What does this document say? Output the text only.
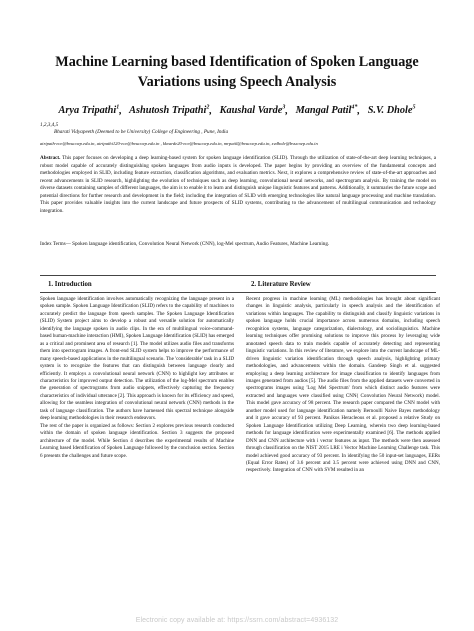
Machine Learning based Identification of Spoken Language Variations using Speech Analysis
Arya Tripathi$^1$,   Ashutosh Tripathi$^2$,   Kaushal Varde$^3$,   Mangal Patil$^{4*}$,   S.V. Dhole$^5$
1,2,3,4,5
Bharati Vidyapeeth (Deemed to be University) College of Engineering , Pune, India
atripath-ece@bvucoep.edu.in, atripathi120-ece@bvucoep.edu.in , kkvarde20-ece@bvucoep.edu.in, mrpatil@bvucoep.edu.in, svdhole@bvucoep.edu.in

Abstract. This paper focuses on developing a deep learning-based system for spoken language identification (SLID). Through the utilization of state-of-the-art deep learning techniques, a robust model capable of accurately distinguishing spoken languages from audio inputs is developed. The paper begins by providing an overview of the fundamental concepts and methodologies employed in SLID, including feature extraction, classification algorithms, and evaluation metrics. Next, it explores a comprehensive review of state-of-the-art approaches and recent advancements in SLID research, highlighting the evolution of techniques such as deep learning, convolutional neural networks, and spectrogram analysis. By training the model on diverse datasets containing samples of different languages, the aim is to enable it to learn and distinguish unique linguistic features and patterns. Additionally, it summaries the future scope and potential directions for further research and development in the field; including the integration of SLID with emerging technologies like natural language processing and machine translation. This paper provides valuable insights into the current landscape and future prospects of SLID systems, contributing to the advancement of multilingual communication and technology integration.

Index Terms— Spoken language identification, Convolution Neural Network (CNN), log-Mel spectrum, Audio Features, Machine Learning.

1. Introduction	2. Literature Review

Spoken language identification involves automatically recognizing the language present in a spoken sample. Spoken Language Identification (SLID) refers to the capability of machines to accurately predict the language from speech samples. The Spoken Language Identification (SLID) System project aims to develop a robust and versatile solution for automatically identifying the language spoken in audio clips. In the era of multilingual voice-command-based human-machine interaction (HMI), Spoken Language Identification (SLID) has emerged as a critical and prominent area of research [1]. The model utilizes audio files and transforms them into spectrogram images. A front-end SLID system helps to improve the performance of many speech-based applications in the multilingual scenario. The 'considerable' task in a SLID system is to recognize the features that can distinguish between language clearly and efficiently. It employs a convolutional neural network (CNN) to highlight key attributes or characteristics for improved output detection. The utilization of the log-Mel spectrum enables the generation of spectrograms from audio snippets, effectively capturing the frequency characteristics of individual utterance [2]. This approach is known for its efficiency and speed, allowing for the seamless integration of convolutional neural network (CNN) methods in the task of language classification. The authors have harnessed this spectral technique alongside deep learning methodologies in their research endeavors.

The rest of the paper is organized as follows: Section 2 explores previous research conducted within the domain of spoken language identification. Section 3 suggests the proposed architecture of the model. While Section 4 describes the experimental results of Machine Learning based Identification of Spoken Language followed by the conclusion section. Section 6 presents the challenges and future scope.

Recent progress in machine learning (ML) methodologies has brought about significant changes in linguistic analysis, particularly in speech analysis and the identification of variations within languages. The capability to distinguish and classify linguistic variations in spoken language holds crucial importance across numerous domains, including speech recognition systems, language categorization, dialectology, and sociolinguistics. Machine learning techniques offer promising solutions to improve this process by leveraging wide annotated speech data to train models capable of accurately detecting and representing linguistic variations. In this review of literature, we explore into the current landscape of ML-driven linguistic variation identification through speech analysis, highlighting primary methodologies, and advancements within the domain. Gandeep Singh et al. suggested employing a deep learning architecture for image classification to identify languages from images generated from audios [5]. The audio files from the applied datasets were converted in spectrograms images using 'Log Mel Spectrum' from which distinct audio features were extracted and languages were classified using CNN( Convolution Neural Network) model. This model gave accuracy of 98 percent. The research paper compared the CNN model with another model used for language identification namely Bernoulli Naive Bayes methodology and it gave accuracy of 93 percent. Panikos Heracleous et al. proposed a relative Study on Spoken Language Identification utilizing Deep Learning, wherein two deep learning-based methods for language identification were experimentally examined [6]. The methods applied DNN and CNN architecture with i vector features as input. The methods were then assessed through classification on the NIST 2015 LRE i Vector Machine Learning Challenge task. This model achieved good accuracy of 93 percent. In identifying the 50 input-set languages, EERs (Equal Error Rates) of 3.6 percent and 3.5 percent were achieved using DNN and CNN, respectively. Integration of CNN with SVM resulted in an

Electronic copy available at: https://ssrn.com/abstract=4936132
